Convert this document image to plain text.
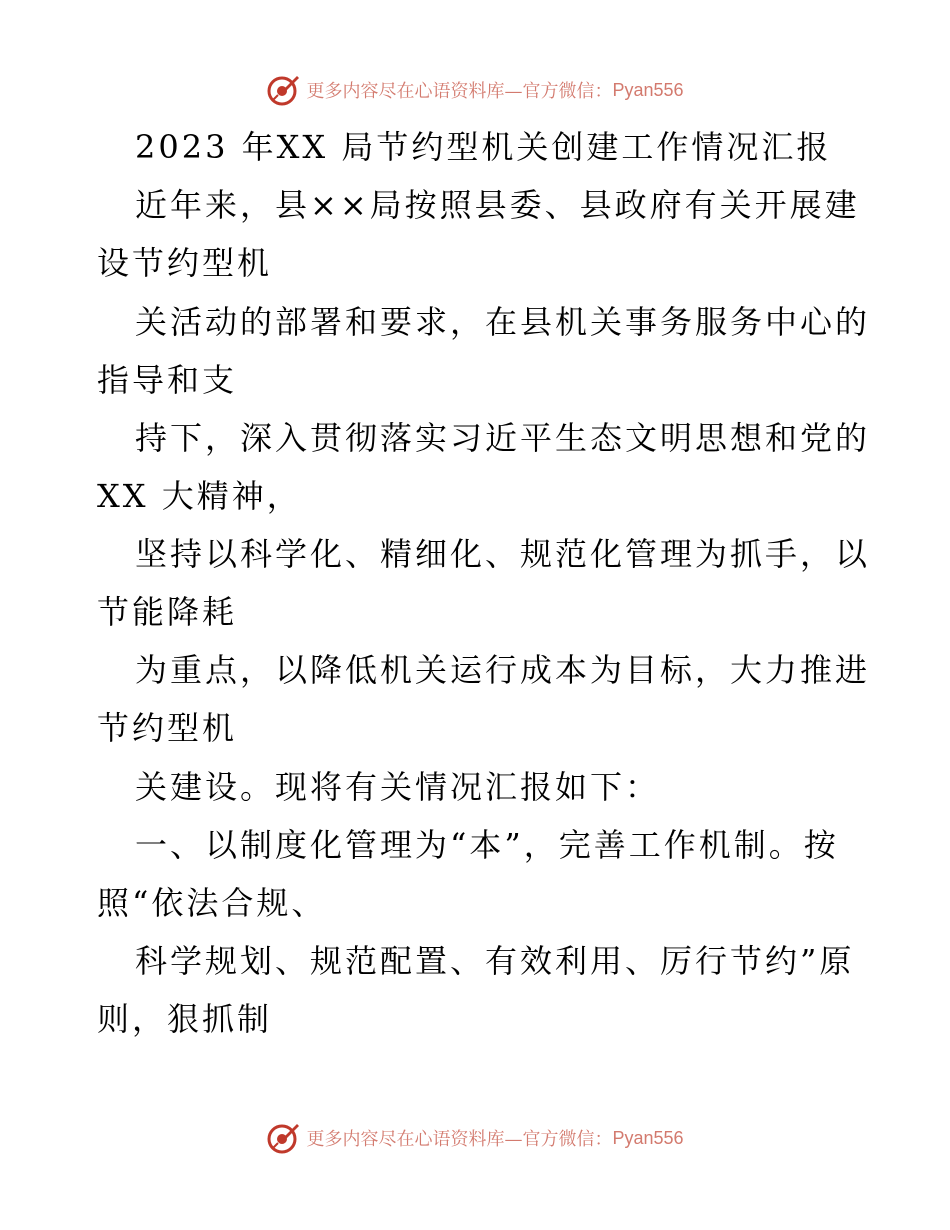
更多内容尽在心语资料库—官方微信： Pyan556
2023 年XX 局节约型机关创建工作情况汇报
近年来，县××局按照县委、县政府有关开展建
设节约型机
关活动的部署和要求，在县机关事务服务中心的
指导和支
持下，深入贯彻落实习近平生态文明思想和党的
XX 大精神，
坚持以科学化、精细化、规范化管理为抓手，以
节能降耗
为重点，以降低机关运行成本为目标，大力推进
节约型机
关建设。现将有关情况汇报如下：
一、以制度化管理为“本”，完善工作机制。按
照“依法合规、
科学规划、规范配置、有效利用、厉行节约”原
则，狠抓制
更多内容尽在心语资料库—官方微信： Pyan556
